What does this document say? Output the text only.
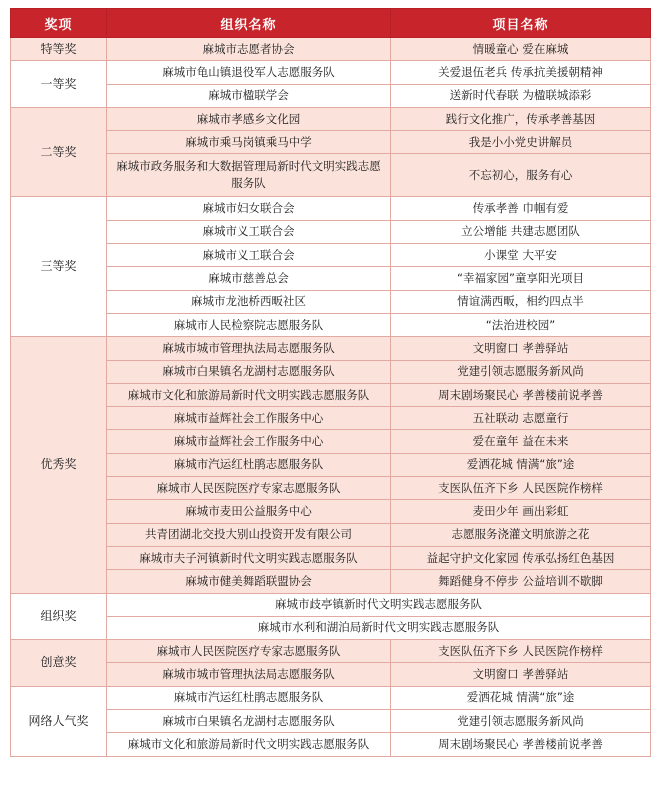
奖项	组织名称	项目名称
特等奖	麻城市志愿者协会	情暖童心 爱在麻城
一等奖	麻城市龟山镇退役军人志愿服务队	关爱退伍老兵 传承抗美援朝精神
	麻城市楹联学会	送新时代春联 为楹联城添彩
二等奖	麻城市孝感乡文化园	践行文化推广，传承孝善基因
	麻城市乘马岗镇乘马中学	我是小小党史讲解员
	麻城市政务服务和大数据管理局新时代文明实践志愿服务队	不忘初心，服务有心
三等奖	麻城市妇女联合会	传承孝善 巾帼有爱
	麻城市义工联合会	立公增能 共建志愿团队
	麻城市义工联合会	小课堂 大平安
	麻城市慈善总会	“幸福家园”童享阳光项目
	麻城市龙池桥西畈社区	情谊满西畈，相约四点半
	麻城市人民检察院志愿服务队	“法治进校园”
优秀奖	麻城市城市管理执法局志愿服务队	文明窗口 孝善驿站
	麻城市白果镇名龙湖村志愿服务队	党建引领志愿服务新风尚
	麻城市文化和旅游局新时代文明实践志愿服务队	周末剧场聚民心 孝善楼前说孝善
	麻城市益辉社会工作服务中心	五社联动 志愿童行
	麻城市益辉社会工作服务中心	爱在童年 益在未来
	麻城市汽运红杜鹃志愿服务队	爱洒花城 情满“旅”途
	麻城市人民医院医疗专家志愿服务队	支医队伍齐下乡 人民医院作榜样
	麻城市麦田公益服务中心	麦田少年 画出彩虹
	共青团湖北交投大别山投资开发有限公司	志愿服务浇灌文明旅游之花
	麻城市夫子河镇新时代文明实践志愿服务队	益起守护文化家园 传承弘扬红色基因
	麻城市健美舞蹈联盟协会	舞蹈健身不停步 公益培训不歇脚
组织奖	麻城市歧亭镇新时代文明实践志愿服务队	
	麻城市水利和湖泊局新时代文明实践志愿服务队	
创意奖	麻城市人民医院医疗专家志愿服务队	支医队伍齐下乡 人民医院作榜样
	麻城市城市管理执法局志愿服务队	文明窗口 孝善驿站
网络人气奖	麻城市汽运红杜鹃志愿服务队	爱洒花城 情满“旅”途
	麻城市白果镇名龙湖村志愿服务队	党建引领志愿服务新风尚
	麻城市文化和旅游局新时代文明实践志愿服务队	周末剧场聚民心 孝善楼前说孝善
